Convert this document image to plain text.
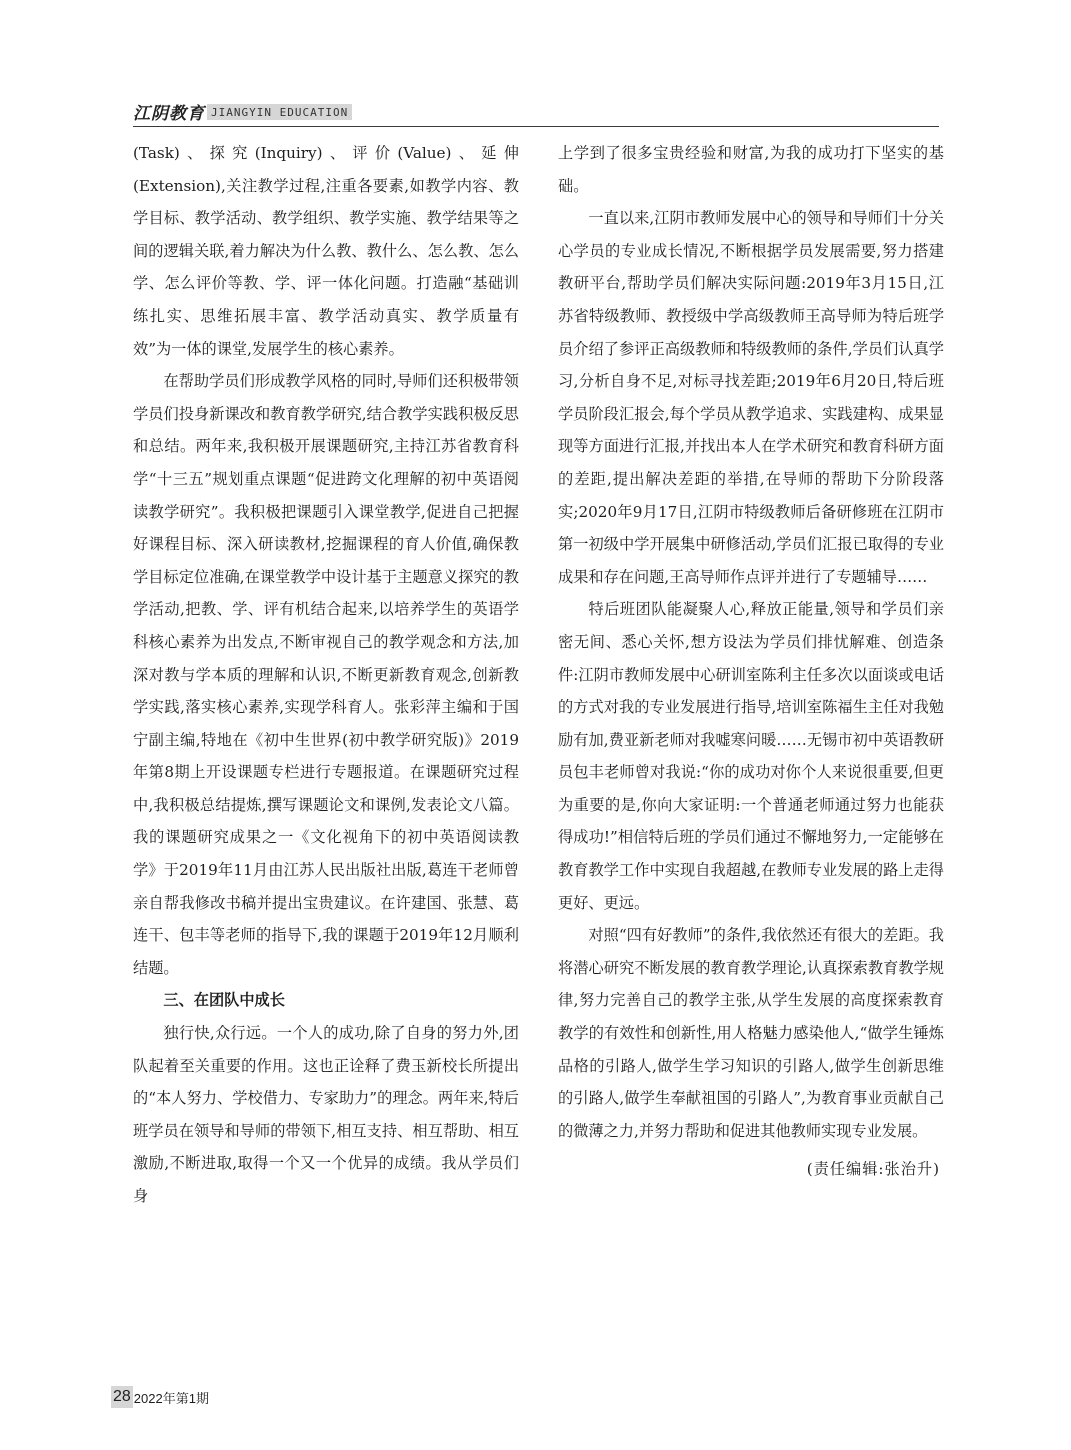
江阴教育 JIANGYIN EDUCATION

(Task)、探究(Inquiry)、评价(Value)、延伸(Extension),关注教学过程,注重各要素,如教学内容、教学目标、教学活动、教学组织、教学实施、教学结果等之间的逻辑关联,着力解决为什么教、教什么、怎么教、怎么学、怎么评价等教、学、评一体化问题。打造融“基础训练扎实、思维拓展丰富、教学活动真实、教学质量有效”为一体的课堂,发展学生的核心素养。

在帮助学员们形成教学风格的同时,导师们还积极带领学员们投身新课改和教育教学研究,结合教学实践积极反思和总结。两年来,我积极开展课题研究,主持江苏省教育科学“十三五”规划重点课题“促进跨文化理解的初中英语阅读教学研究”。我积极把课题引入课堂教学,促进自己把握好课程目标、深入研读教材,挖掘课程的育人价值,确保教学目标定位准确,在课堂教学中设计基于主题意义探究的教学活动,把教、学、评有机结合起来,以培养学生的英语学科核心素养为出发点,不断审视自己的教学观念和方法,加深对教与学本质的理解和认识,不断更新教育观念,创新教学实践,落实核心素养,实现学科育人。张彩萍主编和于国宁副主编,特地在《初中生世界(初中教学研究版)》2019年第8期上开设课题专栏进行专题报道。在课题研究过程中,我积极总结提炼,撰写课题论文和课例,发表论文八篇。我的课题研究成果之一《文化视角下的初中英语阅读教学》于2019年11月由江苏人民出版社出版,葛连干老师曾亲自帮我修改书稿并提出宝贵建议。在许建国、张慧、葛连干、包丰等老师的指导下,我的课题于2019年12月顺利结题。

三、在团队中成长

独行快,众行远。一个人的成功,除了自身的努力外,团队起着至关重要的作用。这也正诠释了费玉新校长所提出的“本人努力、学校借力、专家助力”的理念。两年来,特后班学员在领导和导师的带领下,相互支持、相互帮助、相互激励,不断进取,取得一个又一个优异的成绩。我从学员们身

上学到了很多宝贵经验和财富,为我的成功打下坚实的基础。

一直以来,江阴市教师发展中心的领导和导师们十分关心学员的专业成长情况,不断根据学员发展需要,努力搭建教研平台,帮助学员们解决实际问题:2019年3月15日,江苏省特级教师、教授级中学高级教师王高导师为特后班学员介绍了参评正高级教师和特级教师的条件,学员们认真学习,分析自身不足,对标寻找差距;2019年6月20日,特后班学员阶段汇报会,每个学员从教学追求、实践建构、成果显现等方面进行汇报,并找出本人在学术研究和教育科研方面的差距,提出解决差距的举措,在导师的帮助下分阶段落实;2020年9月17日,江阴市特级教师后备研修班在江阴市第一初级中学开展集中研修活动,学员们汇报已取得的专业成果和存在问题,王高导师作点评并进行了专题辅导……

特后班团队能凝聚人心,释放正能量,领导和学员们亲密无间、悉心关怀,想方设法为学员们排忧解难、创造条件:江阴市教师发展中心研训室陈利主任多次以面谈或电话的方式对我的专业发展进行指导,培训室陈福生主任对我勉励有加,费亚新老师对我嘘寒问暖……无锡市初中英语教研员包丰老师曾对我说:“你的成功对你个人来说很重要,但更为重要的是,你向大家证明:一个普通老师通过努力也能获得成功!”相信特后班的学员们通过不懈地努力,一定能够在教育教学工作中实现自我超越,在教师专业发展的路上走得更好、更远。

对照“四有好教师”的条件,我依然还有很大的差距。我将潜心研究不断发展的教育教学理论,认真探索教育教学规律,努力完善自己的教学主张,从学生发展的高度探索教育教学的有效性和创新性,用人格魅力感染他人,“做学生锤炼品格的引路人,做学生学习知识的引路人,做学生创新思维的引路人,做学生奉献祖国的引路人”,为教育事业贡献自己的微薄之力,并努力帮助和促进其他教师实现专业发展。

(责任编辑:张治升)
28 2022年第1期
